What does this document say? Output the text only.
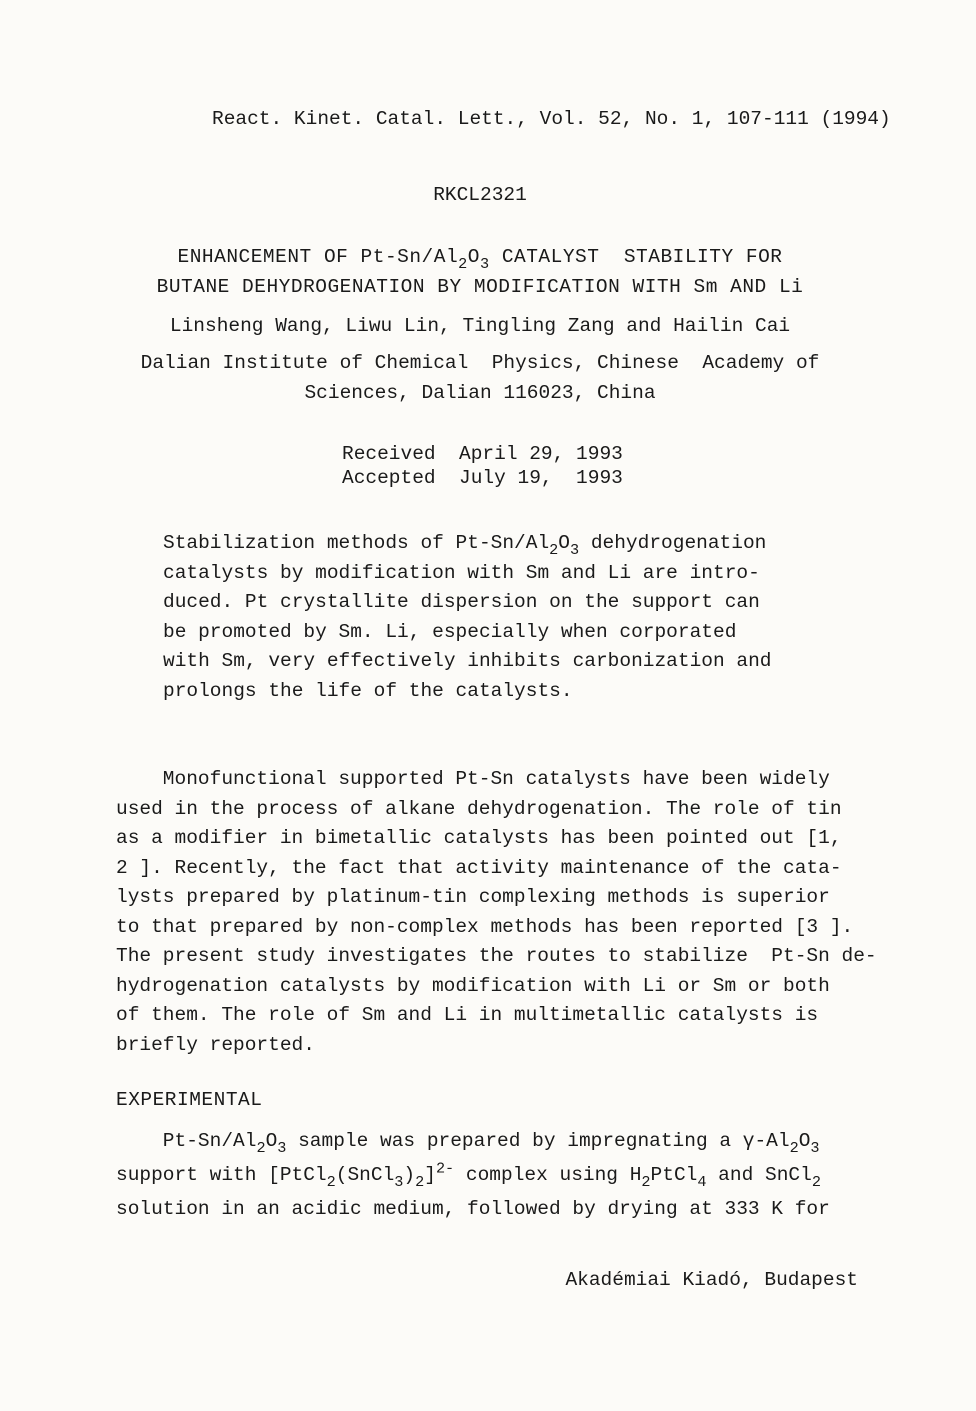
React. Kinet. Catal. Lett., Vol. 52, No. 1, 107-111 (1994)
RKCL2321
ENHANCEMENT OF $Pt-Sn/Al_2O_3$ CATALYST  STABILITY FOR
BUTANE DEHYDROGENATION BY MODIFICATION WITH Sm AND Li
Linsheng Wang, Liwu Lin, Tingling Zang and Hailin Cai
Dalian Institute of Chemical  Physics, Chinese  Academy of
Sciences, Dalian 116023, China
Received  April 29, 1993
Accepted  July 19,  1993
Stabilization methods of $Pt-Sn/Al_2O_3$ dehydrogenation
catalysts by modification with Sm and Li are intro-
duced. Pt crystallite dispersion on the support can
be promoted by Sm. Li, especially when corporated
with Sm, very effectively inhibits carbonization and
prolongs the life of the catalysts.
Monofunctional supported Pt-Sn catalysts have been widely
used in the process of alkane dehydrogenation. The role of tin
as a modifier in bimetallic catalysts has been pointed out [1,
2 ]. Recently, the fact that activity maintenance of the cata-
lysts prepared by platinum-tin complexing methods is superior
to that prepared by non-complex methods has been reported [3 ].
The present study investigates the routes to stabilize  Pt-Sn de-
hydrogenation catalysts by modification with Li or Sm or both
of them. The role of Sm and Li in multimetallic catalysts is
briefly reported.
EXPERIMENTAL
$Pt-Sn/Al_2O_3$ sample was prepared by impregnating a $\gamma-Al_2O_3$
support with $[PtCl_2(SnCl_3)_2]^{2-}$ complex using $H_2PtCl_4$ and SnCl$_2$
solution in an acidic medium, followed by drying at 333 K for
Akadémiai Kiadó, Budapest
